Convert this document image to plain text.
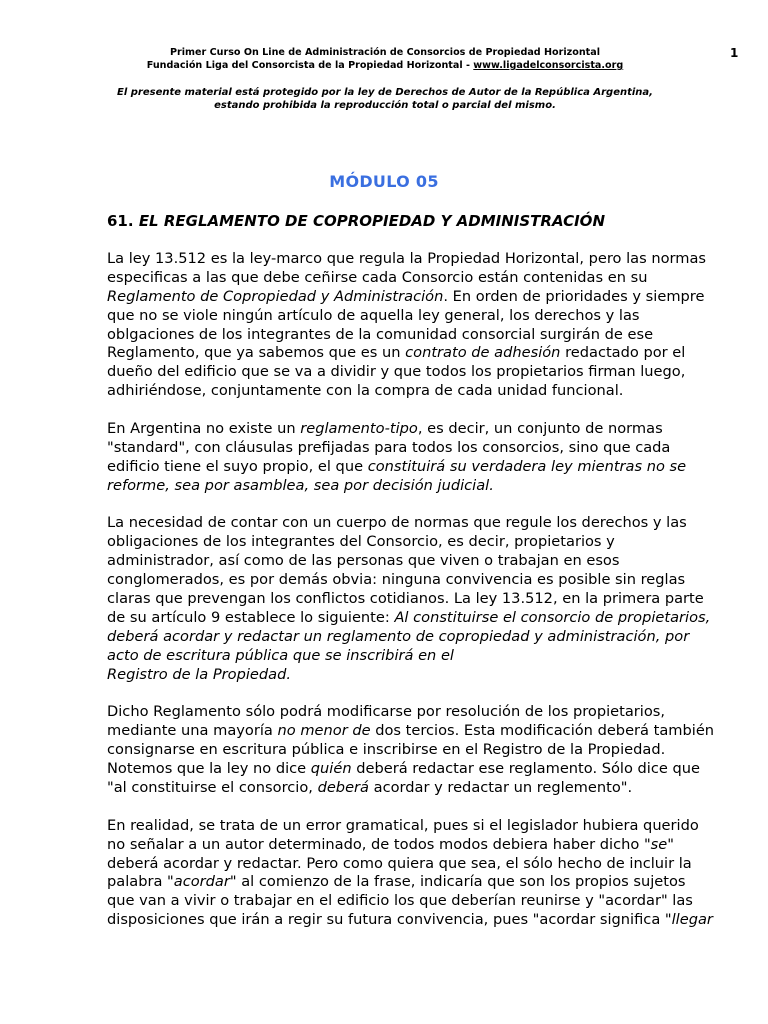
Primer Curso On Line de Administración de Consorcios de Propiedad Horizontal
Fundación Liga del Consorcista de la Propiedad Horizontal - www.ligadelconsorcista.org
1
El presente material está protegido por la ley de Derechos de Autor de la República Argentina,
estando prohibida la reproducción total o parcial del mismo.
MÓDULO 05
61. EL REGLAMENTO DE COPROPIEDAD Y ADMINISTRACIÓN
La ley 13.512 es la ley-marco que regula la Propiedad Horizontal, pero las normas
especificas a las que debe ceñirse cada Consorcio están contenidas en su
Reglamento de Copropiedad y Administración. En orden de prioridades y siempre
que no se viole ningún artículo de aquella ley general, los derechos y las
oblgaciones de los integrantes de la comunidad consorcial surgirán de ese
Reglamento, que ya sabemos que es un contrato de adhesión redactado por el
dueño del edificio que se va a dividir y que todos los propietarios firman luego,
adhiriéndose, conjuntamente con la compra de cada unidad funcional.
En Argentina no existe un reglamento-tipo, es decir, un conjunto de normas
"standard", con cláusulas prefijadas para todos los consorcios, sino que cada
edificio tiene el suyo propio, el que constituirá su verdadera ley mientras no se
reforme, sea por asamblea, sea por decisión judicial.
La necesidad de contar con un cuerpo de normas que regule los derechos y las
obligaciones de los integrantes del Consorcio, es decir, propietarios y
administrador, así como de las personas que viven o trabajan en esos
conglomerados, es por demás obvia: ninguna convivencia es posible sin reglas
claras que prevengan los conflictos cotidianos. La ley 13.512, en la primera parte
de su artículo 9 establece lo siguiente: Al constituirse el consorcio de propietarios,
deberá acordar y redactar un reglamento de copropiedad y administración, por
acto de escritura pública que se inscribirá en el
Registro de la Propiedad.
Dicho Reglamento sólo podrá modificarse por resolución de los propietarios,
mediante una mayoría no menor de dos tercios. Esta modificación deberá también
consignarse en escritura pública e inscribirse en el Registro de la Propiedad.
Notemos que la ley no dice quién deberá redactar ese reglamento. Sólo dice que
"al constituirse el consorcio, deberá acordar y redactar un reglemento".
En realidad, se trata de un error gramatical, pues si el legislador hubiera querido
no señalar a un autor determinado, de todos modos debiera haber dicho "se"
deberá acordar y redactar. Pero como quiera que sea, el sólo hecho de incluir la
palabra "acordar" al comienzo de la frase, indicaría que son los propios sujetos
que van a vivir o trabajar en el edificio los que deberían reunirse y "acordar" las
disposiciones que irán a regir su futura convivencia, pues "acordar significa "llegar
